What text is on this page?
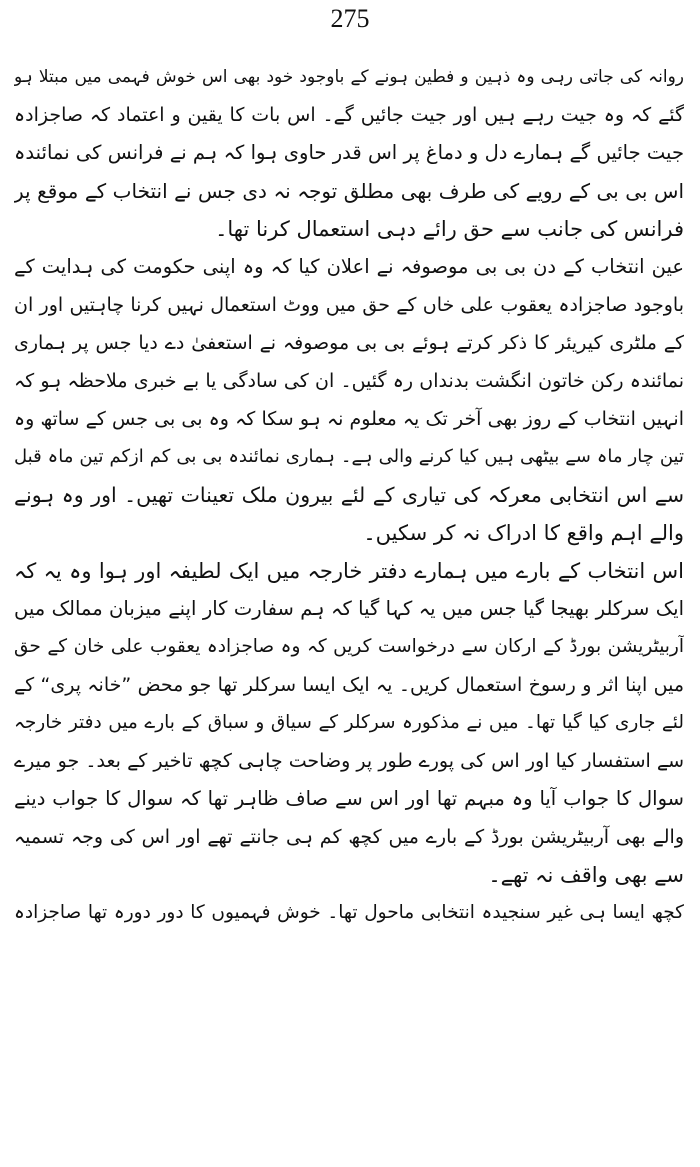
275
روانہ کی جاتی رہی وہ ذہین و فطین ہونے کے باوجود خود بھی اس خوش فہمی میں مبتلا ہو
گئے کہ وہ جیت رہے ہیں اور جیت جائیں گے۔ اس بات کا یقین و اعتماد کہ صاجزادہ
جیت جائیں گے ہمارے دل و دماغ پر اس قدر حاوی ہوا کہ ہم نے فرانس کی نمائندہ
اس بی بی کے رویے کی طرف بھی مطلق توجہ نہ دی جس نے انتخاب کے موقع پر
فرانس کی جانب سے حق رائے دہی استعمال کرنا تھا۔
عین انتخاب کے دن بی بی موصوفہ نے اعلان کیا کہ وہ اپنی حکومت کی ہدایت کے
باوجود صاجزادہ یعقوب علی خاں کے حق میں ووٹ استعمال نہیں کرنا چاہتیں اور ان
کے ملٹری کیریئر کا ذکر کرتے ہوئے بی بی موصوفہ نے استعفیٰ دے دیا جس پر ہماری
نمائندہ رکن خاتون انگشت بدنداں رہ گئیں۔ ان کی سادگی یا بے خبری ملاحظہ ہو کہ
انہیں انتخاب کے روز بھی آخر تک یہ معلوم نہ ہو سکا کہ وہ بی بی جس کے ساتھ وہ
تین چار ماہ سے بیٹھی ہیں کیا کرنے والی ہے۔ ہماری نمائندہ بی بی کم ازکم تین ماہ قبل
سے اس انتخابی معرکہ کی تیاری کے لئے بیرون ملک تعینات تھیں۔ اور وہ ہونے
والے اہم واقع کا ادراک نہ کر سکیں۔
اس انتخاب کے بارے میں ہمارے دفتر خارجہ میں ایک لطیفہ اور ہوا وہ یہ کہ
ایک سرکلر بھیجا گیا جس میں یہ کہا گیا کہ ہم سفارت کار اپنے میزبان ممالک میں
آربیٹریشن بورڈ کے ارکان سے درخواست کریں کہ وہ صاجزادہ یعقوب علی خان کے حق
میں اپنا اثر و رسوخ استعمال کریں۔ یہ ایک ایسا سرکلر تھا جو محض ”خانہ پری“ کے
لئے جاری کیا گیا تھا۔ میں نے مذکورہ سرکلر کے سیاق و سباق کے بارے میں دفتر خارجہ
سے استفسار کیا اور اس کی پورے طور پر وضاحت چاہی کچھ تاخیر کے بعد۔ جو میرے
سوال کا جواب آیا وہ مبہم تھا اور اس سے صاف ظاہر تھا کہ سوال کا جواب دینے
والے بھی آربیٹریشن بورڈ کے بارے میں کچھ کم ہی جانتے تھے اور اس کی وجہ تسمیہ
سے بھی واقف نہ تھے۔
کچھ ایسا ہی غیر سنجیدہ انتخابی ماحول تھا۔ خوش فہمیوں کا دور دورہ تھا صاجزادہ
